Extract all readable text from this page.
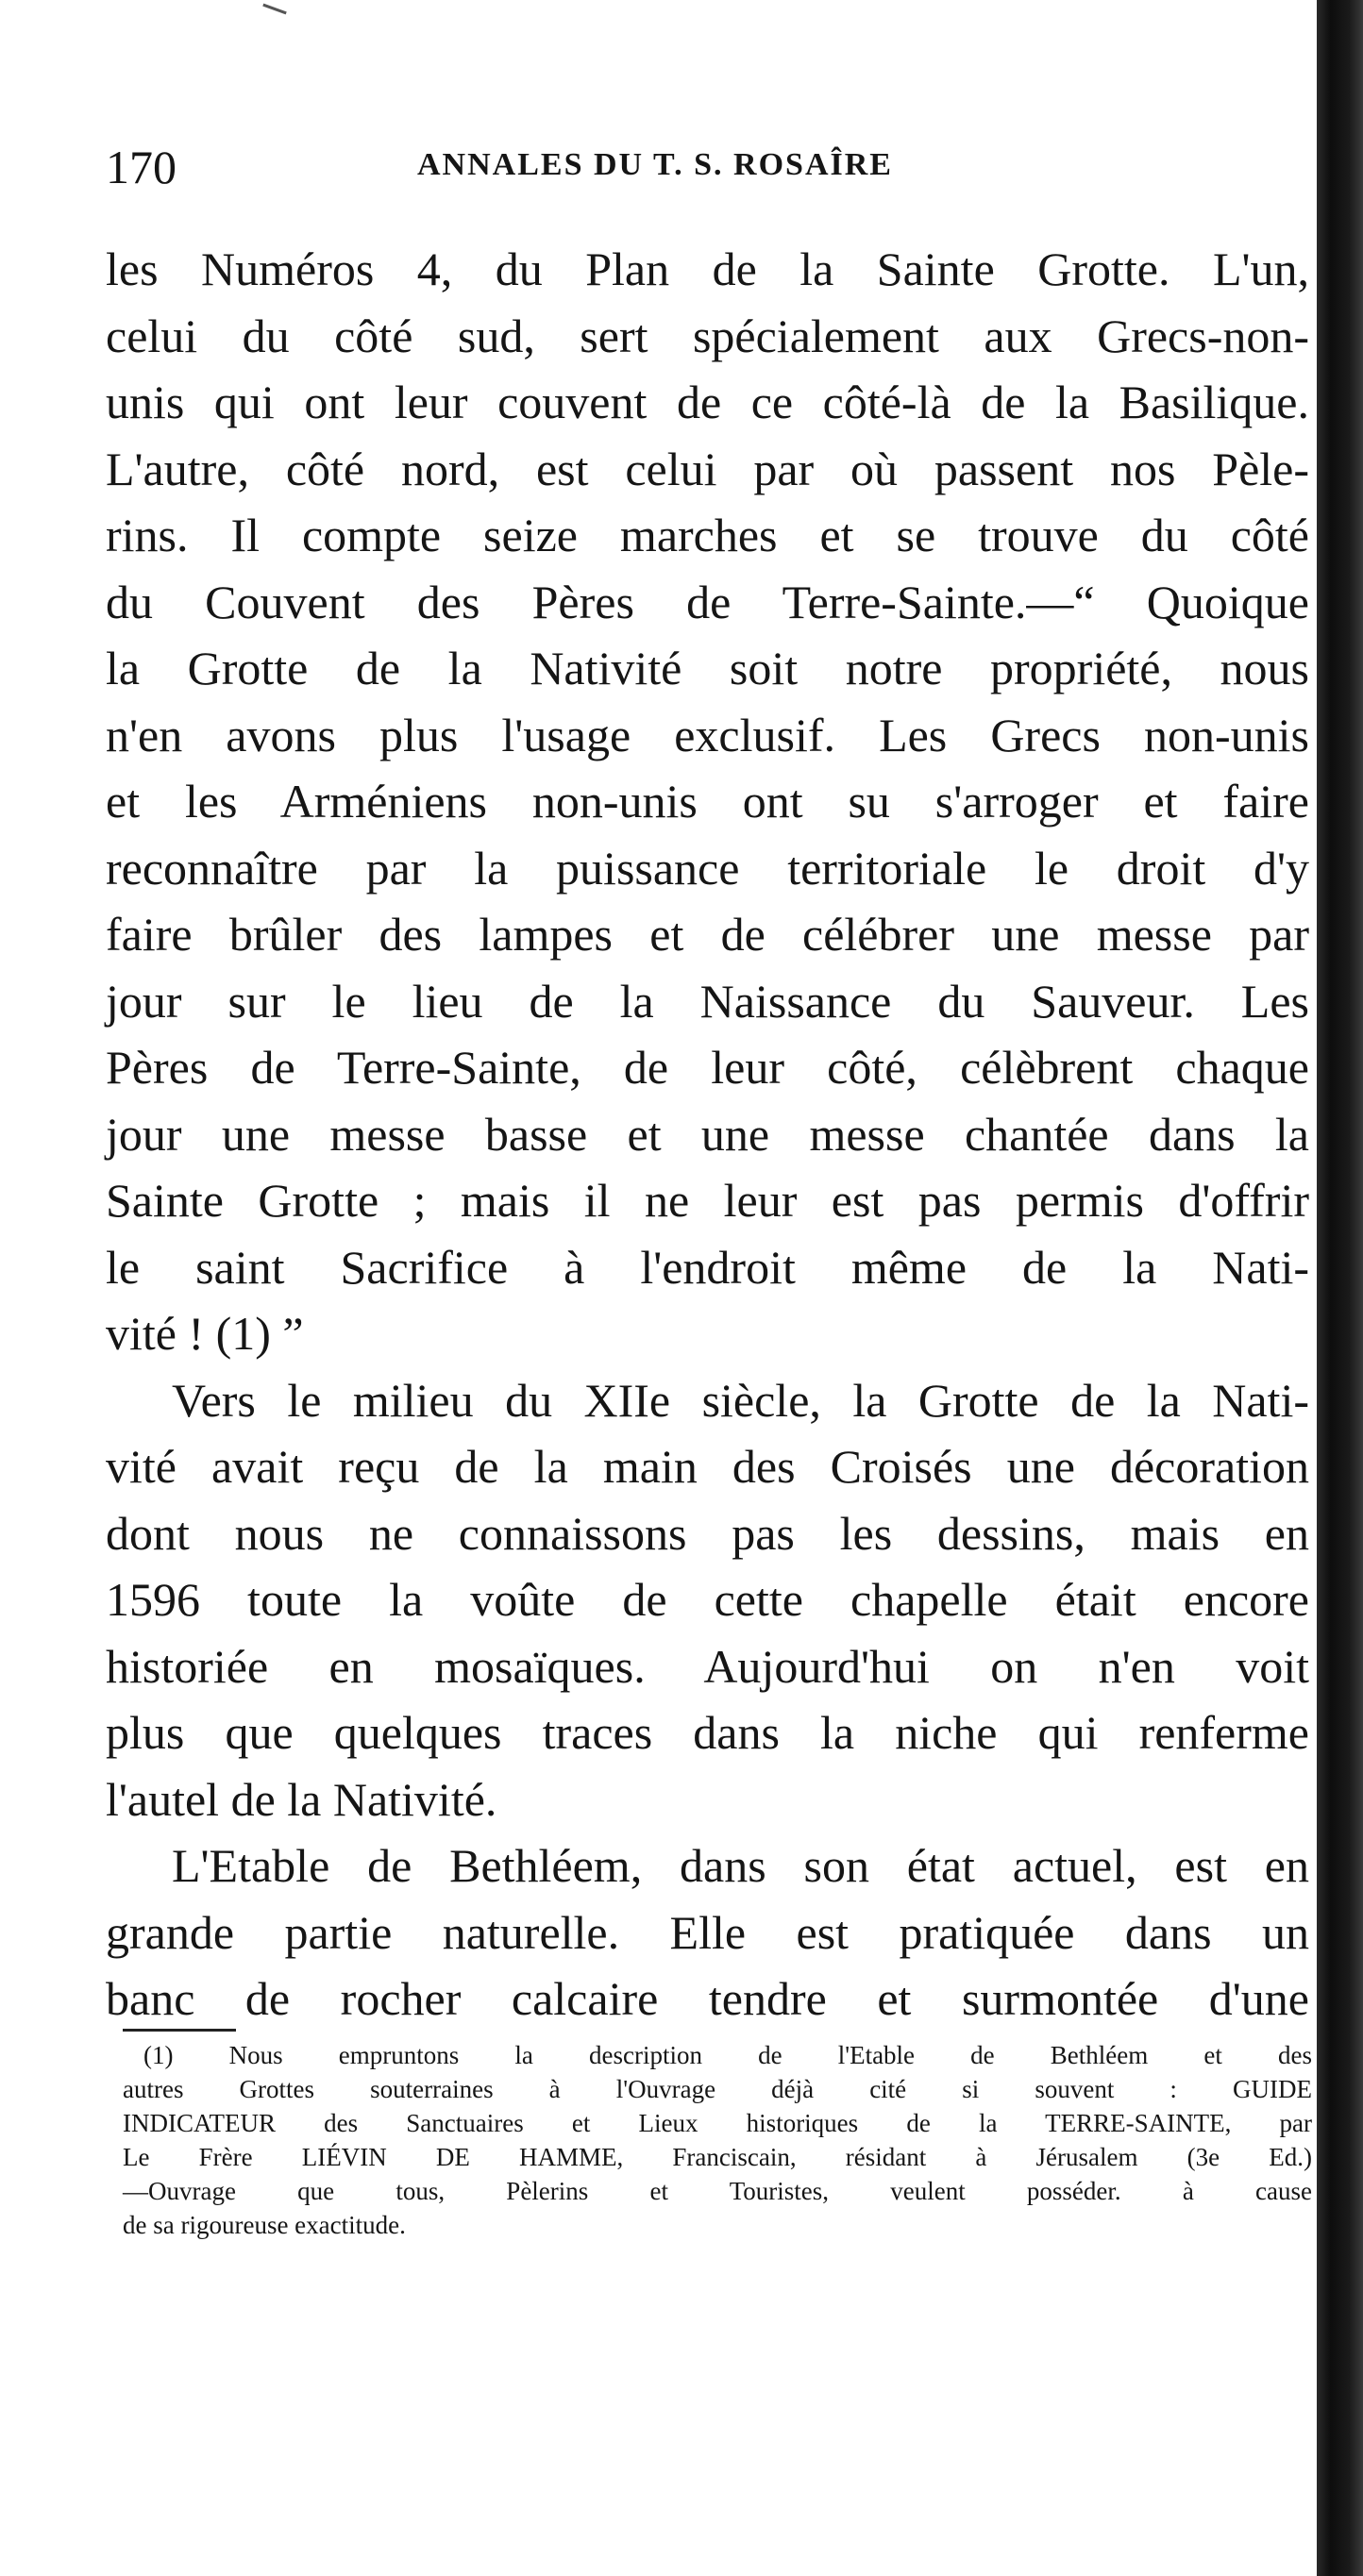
170	ANNALES DU T. S. ROSAÎRE
les Numéros 4, du Plan de la Sainte Grotte. L'un,
celui du côté sud, sert spécialement aux Grecs-non-
unis qui ont leur couvent de ce côté-là de la Basilique.
L'autre, côté nord, est celui par où passent nos Pèle-
rins. Il compte seize marches et se trouve du côté
du Couvent des Pères de Terre-Sainte.—“ Quoique
la Grotte de la Nativité soit notre propriété, nous
n'en avons plus l'usage exclusif. Les Grecs non-unis
et les Arméniens non-unis ont su s'arroger et faire
reconnaître par la puissance territoriale le droit d'y
faire brûler des lampes et de célébrer une messe par
jour sur le lieu de la Naissance du Sauveur. Les
Pères de Terre-Sainte, de leur côté, célèbrent chaque
jour une messe basse et une messe chantée dans la
Sainte Grotte ; mais il ne leur est pas permis d'offrir
le saint Sacrifice à l'endroit même de la Nati-
vité ! (1) ”
Vers le milieu du XIIe siècle, la Grotte de la Nati-
vité avait reçu de la main des Croisés une décoration
dont nous ne connaissons pas les dessins, mais en
1596 toute la voûte de cette chapelle était encore
historiée en mosaïques. Aujourd'hui on n'en voit
plus que quelques traces dans la niche qui renferme
l'autel de la Nativité.
L'Etable de Bethléem, dans son état actuel, est en
grande partie naturelle. Elle est pratiquée dans un
banc de rocher calcaire tendre et surmontée d'une
(1) Nous empruntons la description de l'Etable de Bethléem et des
autres Grottes souterraines à l'Ouvrage déjà cité si souvent : GUIDE
INDICATEUR des Sanctuaires et Lieux historiques de la TERRE-SAINTE, par
Le Frère LIÉVIN DE HAMME, Franciscain, résidant à Jérusalem (3e Ed.)
—Ouvrage que tous, Pèlerins et Touristes, veulent posséder. à cause
de sa rigoureuse exactitude.
